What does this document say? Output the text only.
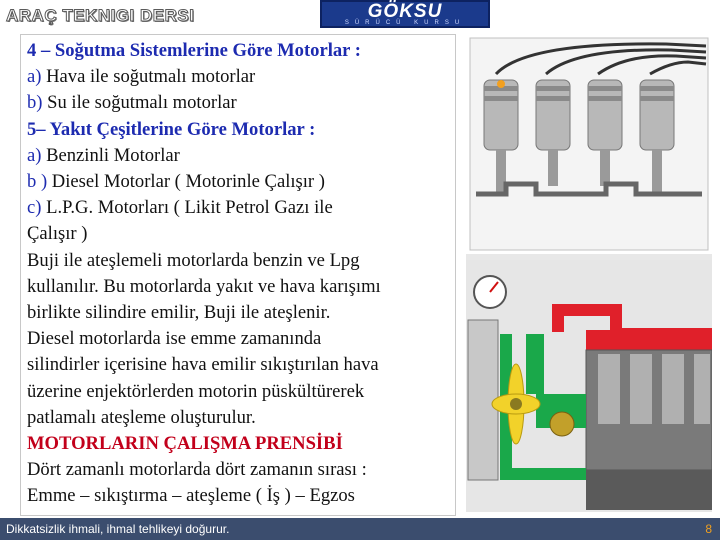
ARAÇ TEKNIGI DERSI	GÖKSU
SÜRÜCÜ KURSU
4 – Soğutma Sistemlerine Göre Motorlar :
a) Hava ile soğutmalı motorlar
b) Su ile soğutmalı motorlar
5– Yakıt Çeşitlerine Göre Motorlar :
a) Benzinli Motorlar
b ) Diesel Motorlar ( Motorinle Çalışır )
c) L.P.G. Motorları ( Likit Petrol Gazı ile
Çalışır )
Buji ile ateşlemeli motorlarda benzin ve Lpg
kullanılır. Bu motorlarda yakıt ve hava karışımı
birlikte silindire emilir, Buji ile ateşlenir.
Diesel motorlarda ise emme zamanında
silindirler içerisine hava emilir sıkıştırılan hava
üzerine enjektörlerden motorin püskültürerek
patlamalı ateşleme oluşturulur.
MOTORLARIN ÇALIŞMA PRENSİBİ
Dört zamanlı motorlarda dört zamanın sırası :
Emme – sıkıştırma – ateşleme ( İş ) – Egzos
Dikkatsizlik ihmali, ihmal tehlikeyi doğurur.	8
